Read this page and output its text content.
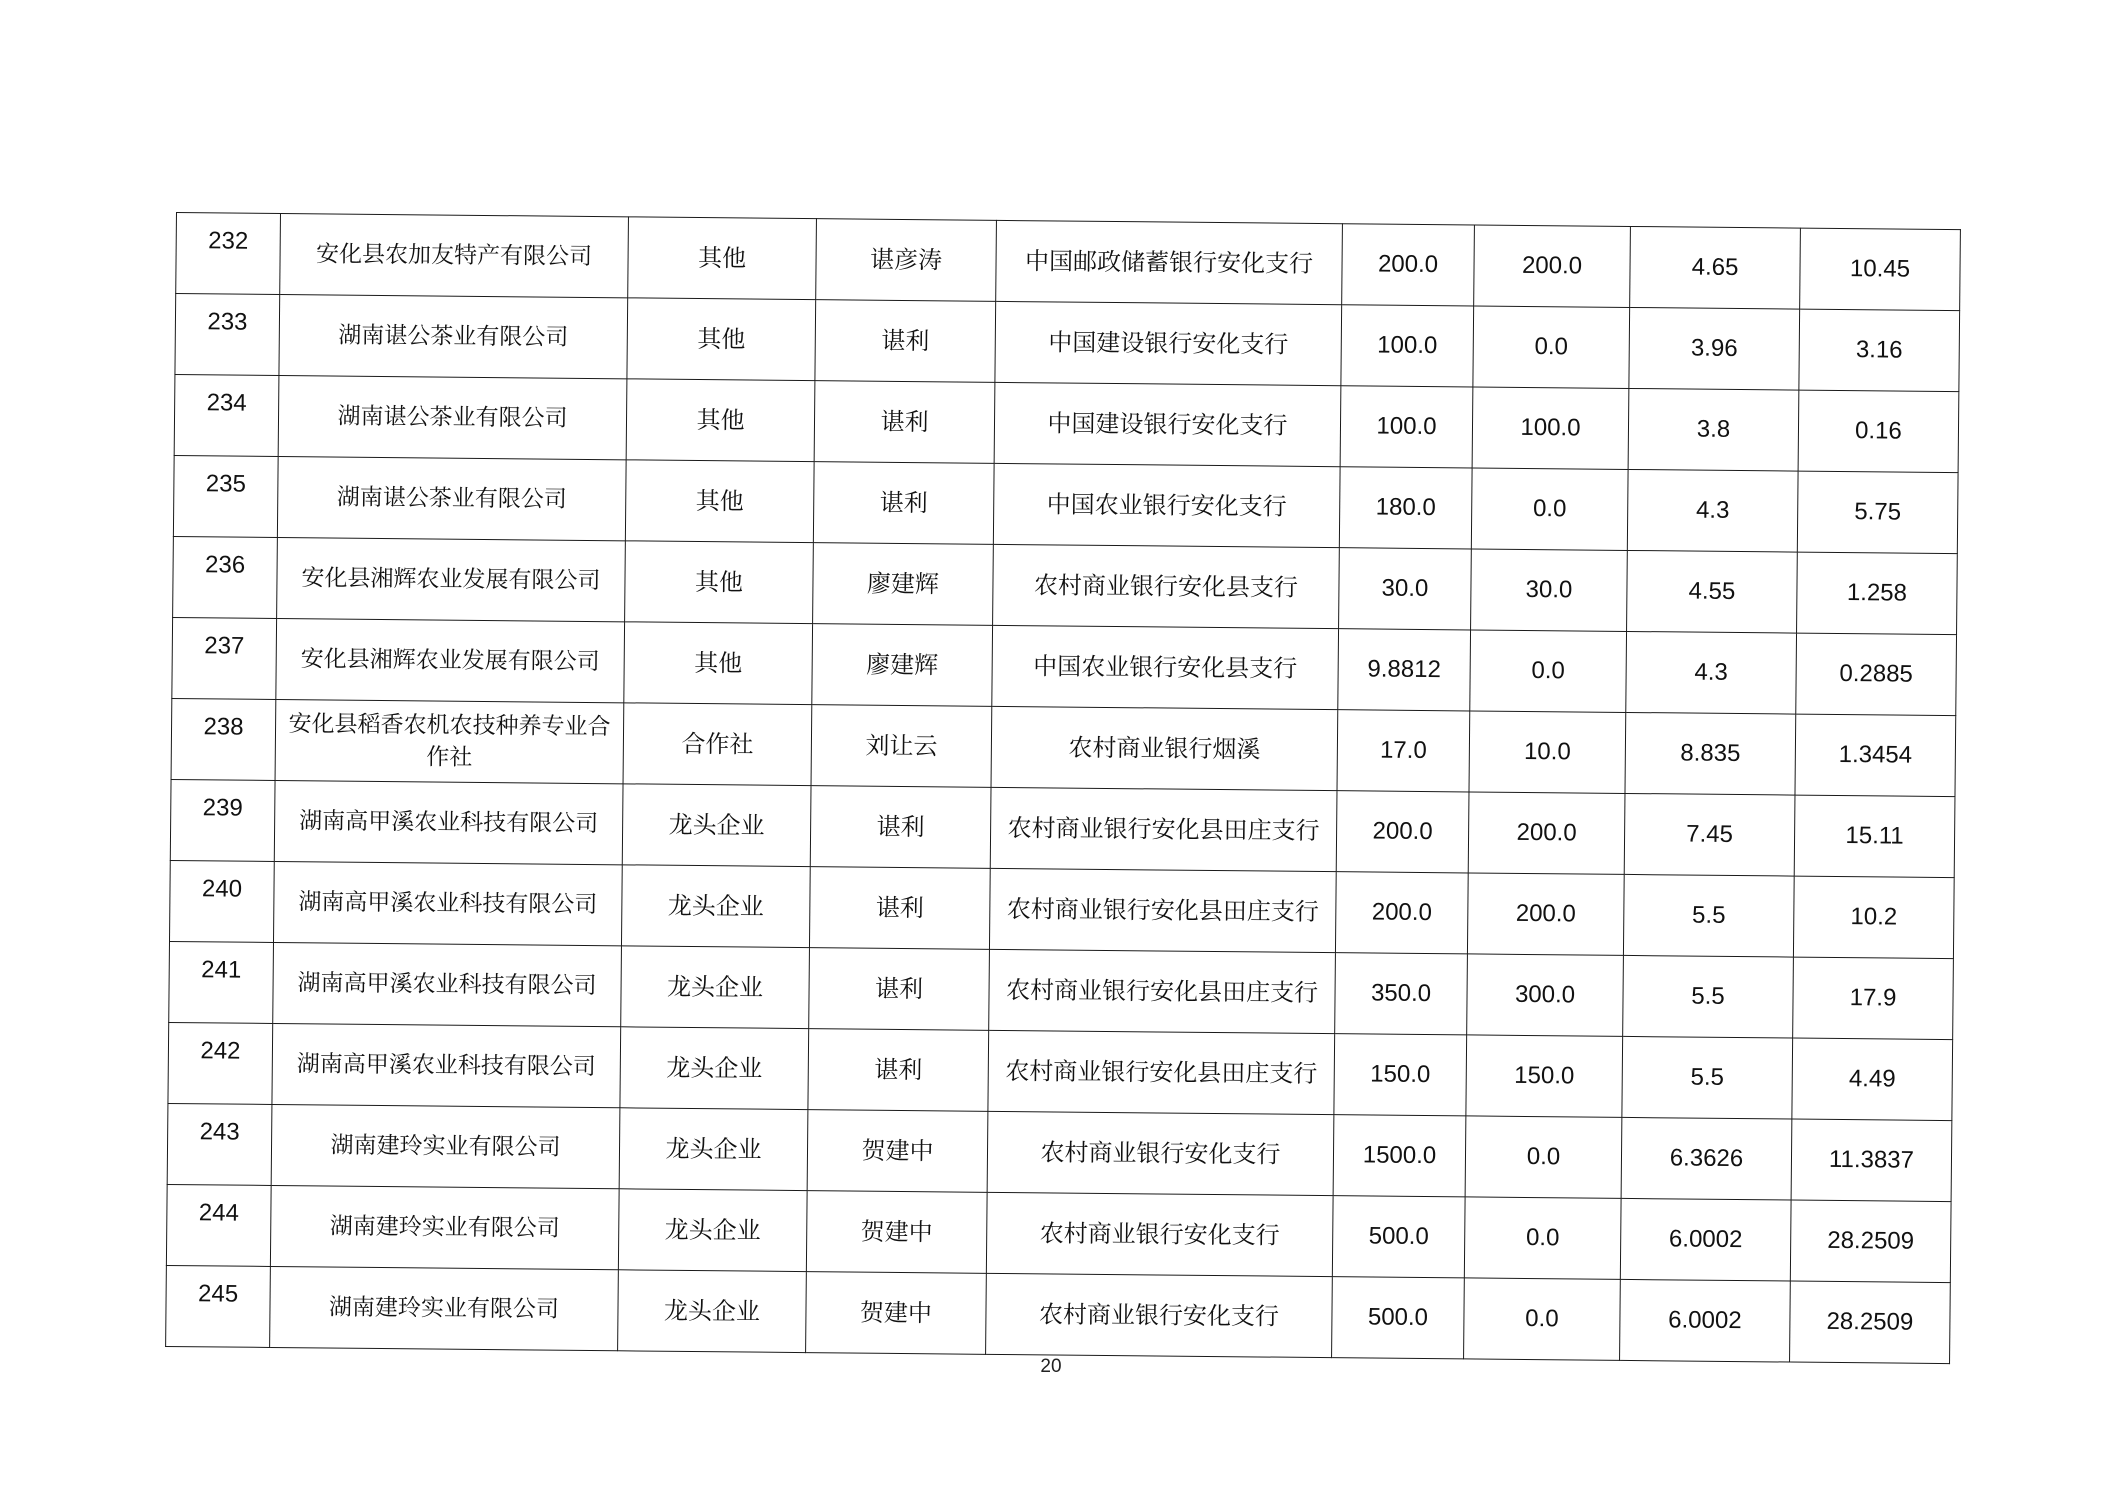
232	安化县农加友特产有限公司	其他	谌彦涛	中国邮政储蓄银行安化支行	200.0	200.0	4.65	10.45
233	湖南谌公茶业有限公司	其他	谌利	中国建设银行安化支行	100.0	0.0	3.96	3.16
234	湖南谌公茶业有限公司	其他	谌利	中国建设银行安化支行	100.0	100.0	3.8	0.16
235	湖南谌公茶业有限公司	其他	谌利	中国农业银行安化支行	180.0	0.0	4.3	5.75
236	安化县湘辉农业发展有限公司	其他	廖建辉	农村商业银行安化县支行	30.0	30.0	4.55	1.258
237	安化县湘辉农业发展有限公司	其他	廖建辉	中国农业银行安化县支行	9.8812	0.0	4.3	0.2885
238	安化县稻香农机农技种养专业合作社	合作社	刘让云	农村商业银行烟溪	17.0	10.0	8.835	1.3454
239	湖南高甲溪农业科技有限公司	龙头企业	谌利	农村商业银行安化县田庄支行	200.0	200.0	7.45	15.11
240	湖南高甲溪农业科技有限公司	龙头企业	谌利	农村商业银行安化县田庄支行	200.0	200.0	5.5	10.2
241	湖南高甲溪农业科技有限公司	龙头企业	谌利	农村商业银行安化县田庄支行	350.0	300.0	5.5	17.9
242	湖南高甲溪农业科技有限公司	龙头企业	谌利	农村商业银行安化县田庄支行	150.0	150.0	5.5	4.49
243	湖南建玲实业有限公司	龙头企业	贺建中	农村商业银行安化支行	1500.0	0.0	6.3626	11.3837
244	湖南建玲实业有限公司	龙头企业	贺建中	农村商业银行安化支行	500.0	0.0	6.0002	28.2509
245	湖南建玲实业有限公司	龙头企业	贺建中	农村商业银行安化支行	500.0	0.0	6.0002	28.2509
20
